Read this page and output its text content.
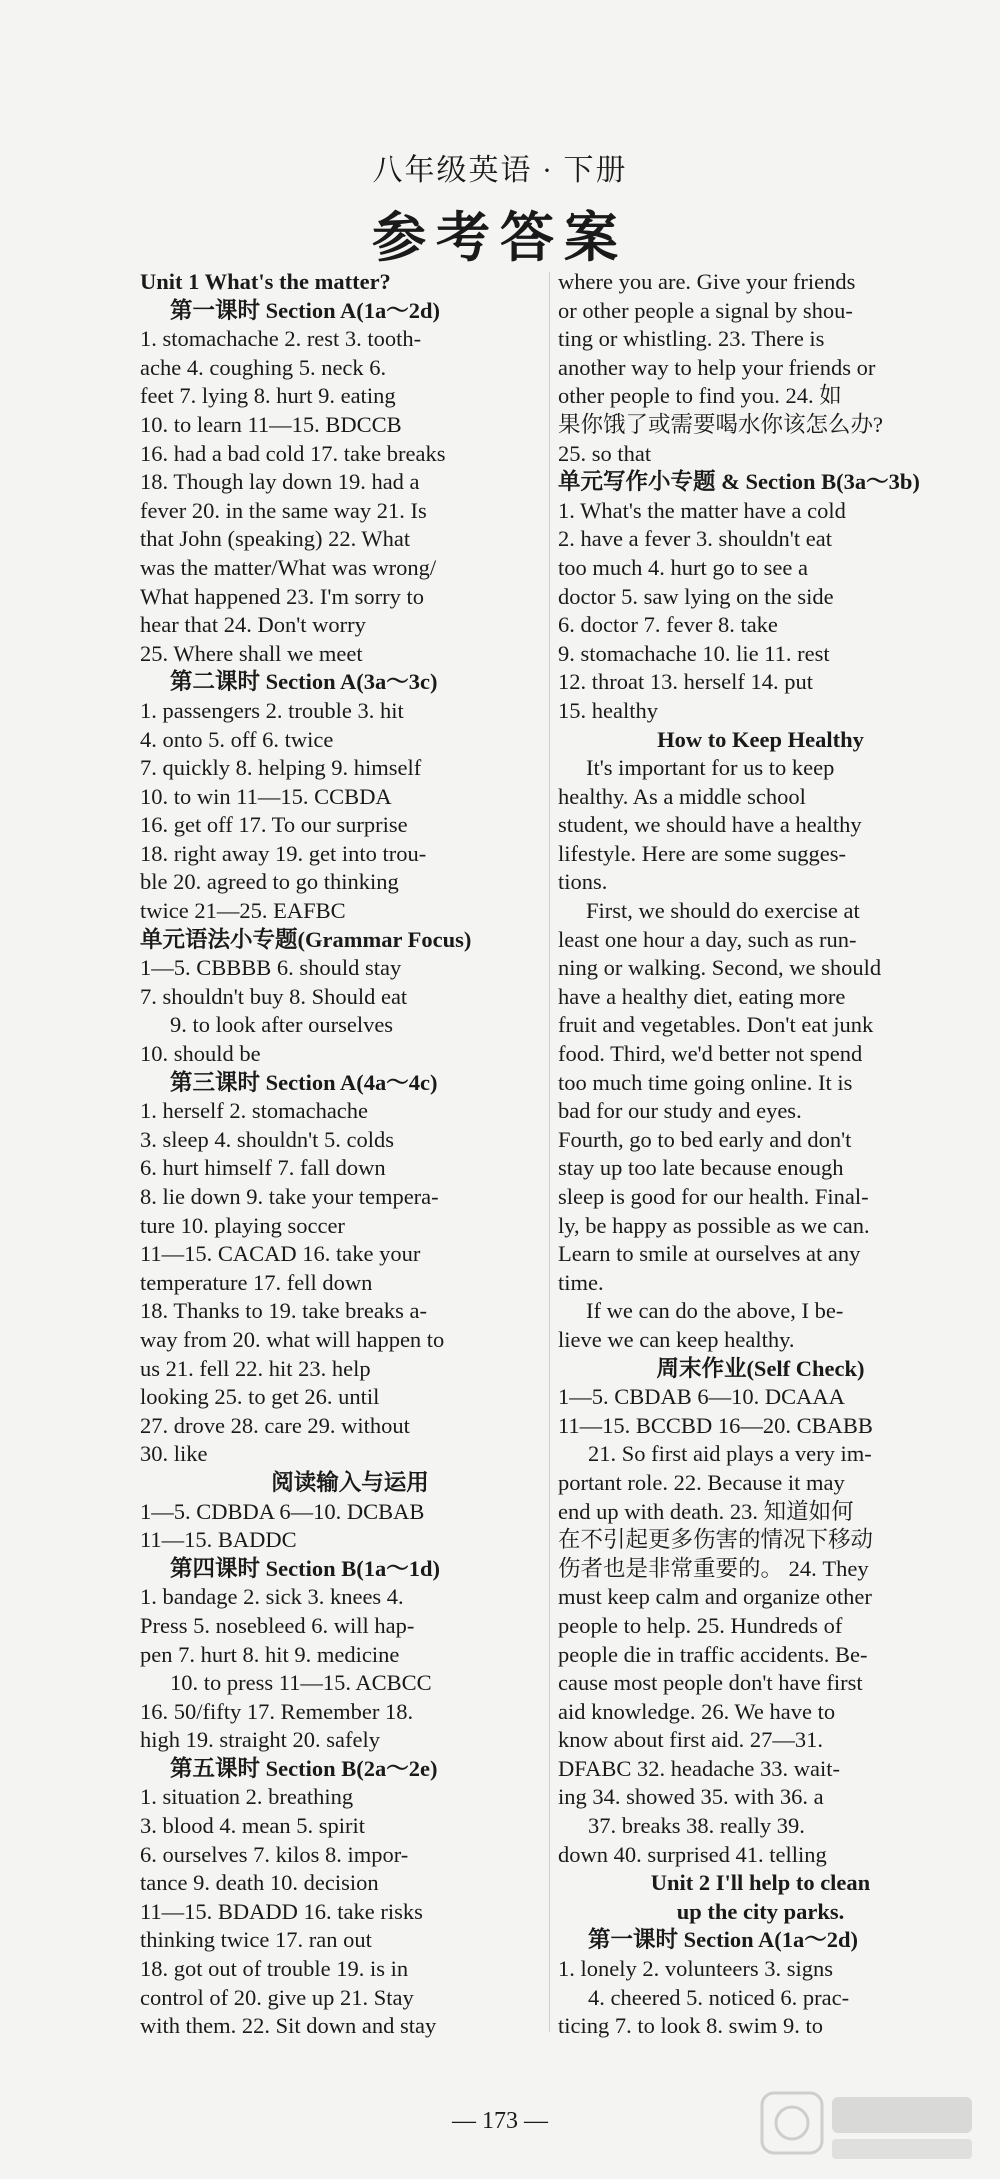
八年级英语 · 下册
参考答案
Unit 1 What's the matter?
第一课时 Section A(1a～2d)
1. stomachache 2. rest 3. tooth-
ache 4. coughing 5. neck 6.
feet 7. lying 8. hurt 9. eating
10. to learn 11—15. BDCCB
16. had a bad cold 17. take breaks
18. Though lay down 19. had a
fever 20. in the same way 21. Is
that John (speaking) 22. What
was the matter/What was wrong/
What happened 23. I'm sorry to
hear that 24. Don't worry
25. Where shall we meet
第二课时 Section A(3a～3c)
1. passengers 2. trouble 3. hit
4. onto 5. off 6. twice
7. quickly 8. helping 9. himself
10. to win 11—15. CCBDA
16. get off 17. To our surprise
18. right away 19. get into trou-
ble 20. agreed to go thinking
twice 21—25. EAFBC
单元语法小专题(Grammar Focus)
1—5. CBBBB 6. should stay
7. shouldn't buy 8. Should eat
9. to look after ourselves
10. should be
第三课时 Section A(4a～4c)
1. herself 2. stomachache
3. sleep 4. shouldn't 5. colds
6. hurt himself 7. fall down
8. lie down 9. take your tempera-
ture 10. playing soccer
11—15. CACAD 16. take your
temperature 17. fell down
18. Thanks to 19. take breaks a-
way from 20. what will happen to
us 21. fell 22. hit 23. help
looking 25. to get 26. until
27. drove 28. care 29. without
30. like
阅读输入与运用
1—5. CDBDA 6—10. DCBAB
11—15. BADDC
第四课时 Section B(1a～1d)
1. bandage 2. sick 3. knees 4.
Press 5. nosebleed 6. will hap-
pen 7. hurt 8. hit 9. medicine
10. to press 11—15. ACBCC
16. 50/fifty 17. Remember 18.
high 19. straight 20. safely
第五课时 Section B(2a～2e)
1. situation 2. breathing
3. blood 4. mean 5. spirit
6. ourselves 7. kilos 8. impor-
tance 9. death 10. decision
11—15. BDADD 16. take risks
thinking twice 17. ran out
18. got out of trouble 19. is in
control of 20. give up 21. Stay
with them. 22. Sit down and stay
where you are. Give your friends
or other people a signal by shou-
ting or whistling. 23. There is
another way to help your friends or
other people to find you. 24. 如
果你饿了或需要喝水你该怎么办?
25. so that
单元写作小专题 & Section B(3a～3b)
1. What's the matter have a cold
2. have a fever 3. shouldn't eat
too much 4. hurt go to see a
doctor 5. saw lying on the side
6. doctor 7. fever 8. take
9. stomachache 10. lie 11. rest
12. throat 13. herself 14. put
15. healthy
How to Keep Healthy
It's important for us to keep
healthy. As a middle school
student, we should have a healthy
lifestyle. Here are some sugges-
tions.
First, we should do exercise at
least one hour a day, such as run-
ning or walking. Second, we should
have a healthy diet, eating more
fruit and vegetables. Don't eat junk
food. Third, we'd better not spend
too much time going online. It is
bad for our study and eyes.
Fourth, go to bed early and don't
stay up too late because enough
sleep is good for our health. Final-
ly, be happy as possible as we can.
Learn to smile at ourselves at any
time.
If we can do the above, I be-
lieve we can keep healthy.
周末作业(Self Check)
1—5. CBDAB 6—10. DCAAA
11—15. BCCBD 16—20. CBABB
21. So first aid plays a very im-
portant role. 22. Because it may
end up with death. 23. 知道如何
在不引起更多伤害的情况下移动
伤者也是非常重要的。 24. They
must keep calm and organize other
people to help. 25. Hundreds of
people die in traffic accidents. Be-
cause most people don't have first
aid knowledge. 26. We have to
know about first aid. 27—31.
DFABC 32. headache 33. wait-
ing 34. showed 35. with 36. a
37. breaks 38. really 39.
down 40. surprised 41. telling
Unit 2 I'll help to clean
up the city parks.
第一课时 Section A(1a～2d)
1. lonely 2. volunteers 3. signs
4. cheered 5. noticed 6. prac-
ticing 7. to look 8. swim 9. to
— 173 —
